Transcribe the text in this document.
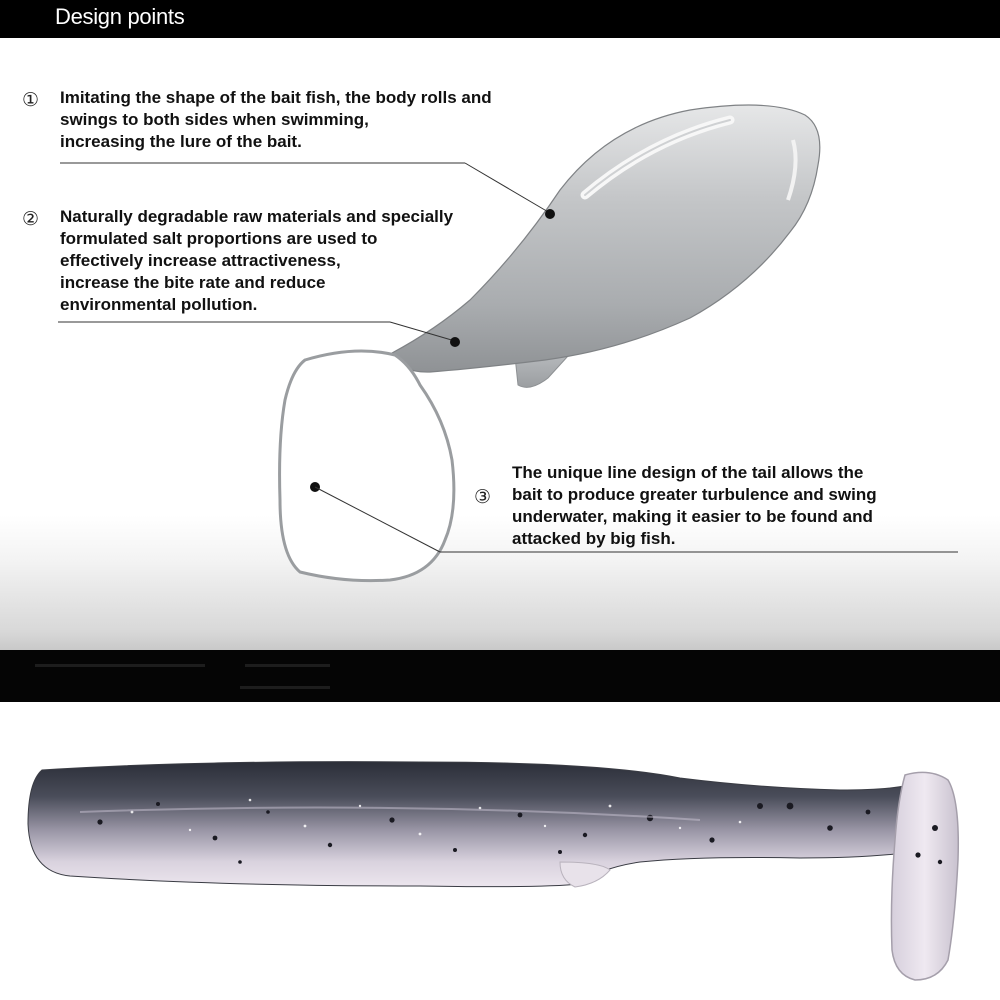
Design points
① Imitating the shape of the bait fish, the body rolls and
swings to both sides when swimming,
increasing the lure of the bait.
② Naturally degradable raw materials and specially
formulated salt proportions are used to
effectively increase attractiveness,
increase the bite rate and reduce
environmental pollution.
③
The unique line design of the tail allows the
bait to produce greater turbulence and swing
underwater, making it easier to be found and
attacked by big fish.
